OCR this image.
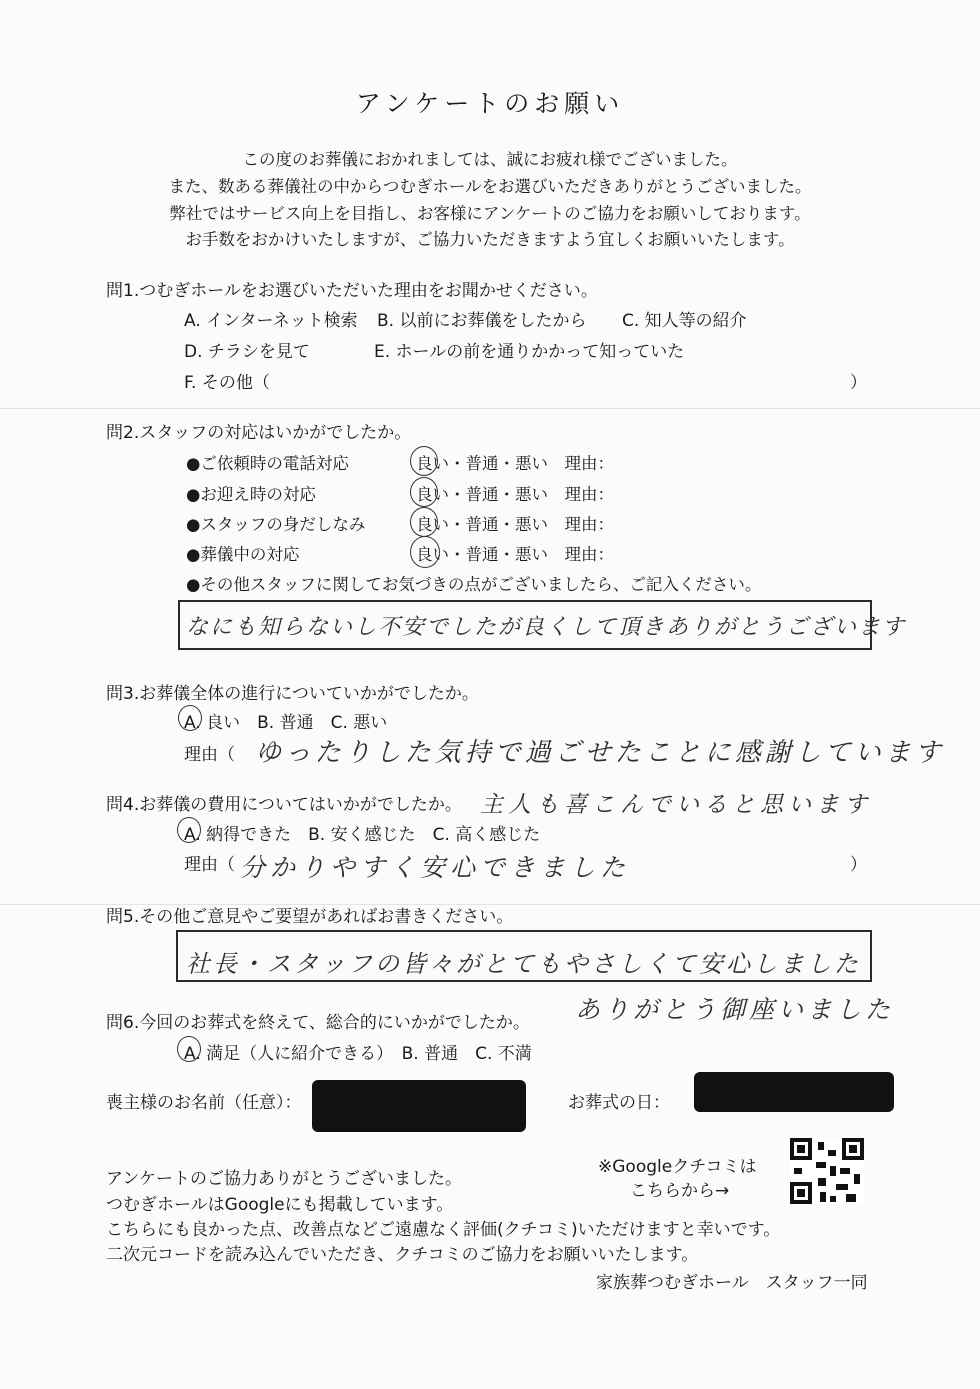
アンケートのお願い
この度のお葬儀におかれましては、誠にお疲れ様でございました。
また、数ある葬儀社の中からつむぎホールをお選びいただきありがとうございました。
弊社ではサービス向上を目指し、お客様にアンケートのご協力をお願いしております。
お手数をおかけいたしますが、ご協力いただきますよう宜しくお願いいたします。
問1.つむぎホールをお選びいただいた理由をお聞かせください。
A. インターネット検索 B. 以前にお葬儀をしたから C. 知人等の紹介
D. チラシを見て	E. ホールの前を通りかかって知っていた
F. その他（	）
問2.スタッフの対応はいかがでしたか。
●ご依頼時の電話対応	良い・普通・悪い　理由：
●お迎え時の対応	良い・普通・悪い　理由：
●スタッフの身だしなみ	良い・普通・悪い　理由：
●葬儀中の対応	良い・普通・悪い　理由：
●その他スタッフに関してお気づきの点がございましたら、ご記入ください。
なにも知らないし不安でしたが良くして頂きありがとうございます
問3.お葬儀全体の進行についていかがでしたか。
A. 良い　B. 普通　C. 悪い
理由（ ゆったりした気持で過ごせたことに感謝しています
問4.お葬儀の費用についてはいかがでしたか。 主人も喜こんでいると思います
A. 納得できた　B. 安く感じた　C. 高く感じた
理由（ 分かりやすく安心できました	）
問5.その他ご意見やご要望があればお書きください。
社長・スタッフの皆々がとてもやさしくて安心しました
ありがとう御座いました
問6.今回のお葬式を終えて、総合的にいかがでしたか。
A. 満足（人に紹介できる）　B. 普通　C. 不満
喪主様のお名前（任意）：	お葬式の日：
※Googleクチコミは
こちらから→
アンケートのご協力ありがとうございました。
つむぎホールはGoogleにも掲載しています。
こちらにも良かった点、改善点などご遠慮なく評価(クチコミ)いただけますと幸いです。
二次元コードを読み込んでいただき、クチコミのご協力をお願いいたします。
家族葬つむぎホール　スタッフ一同
